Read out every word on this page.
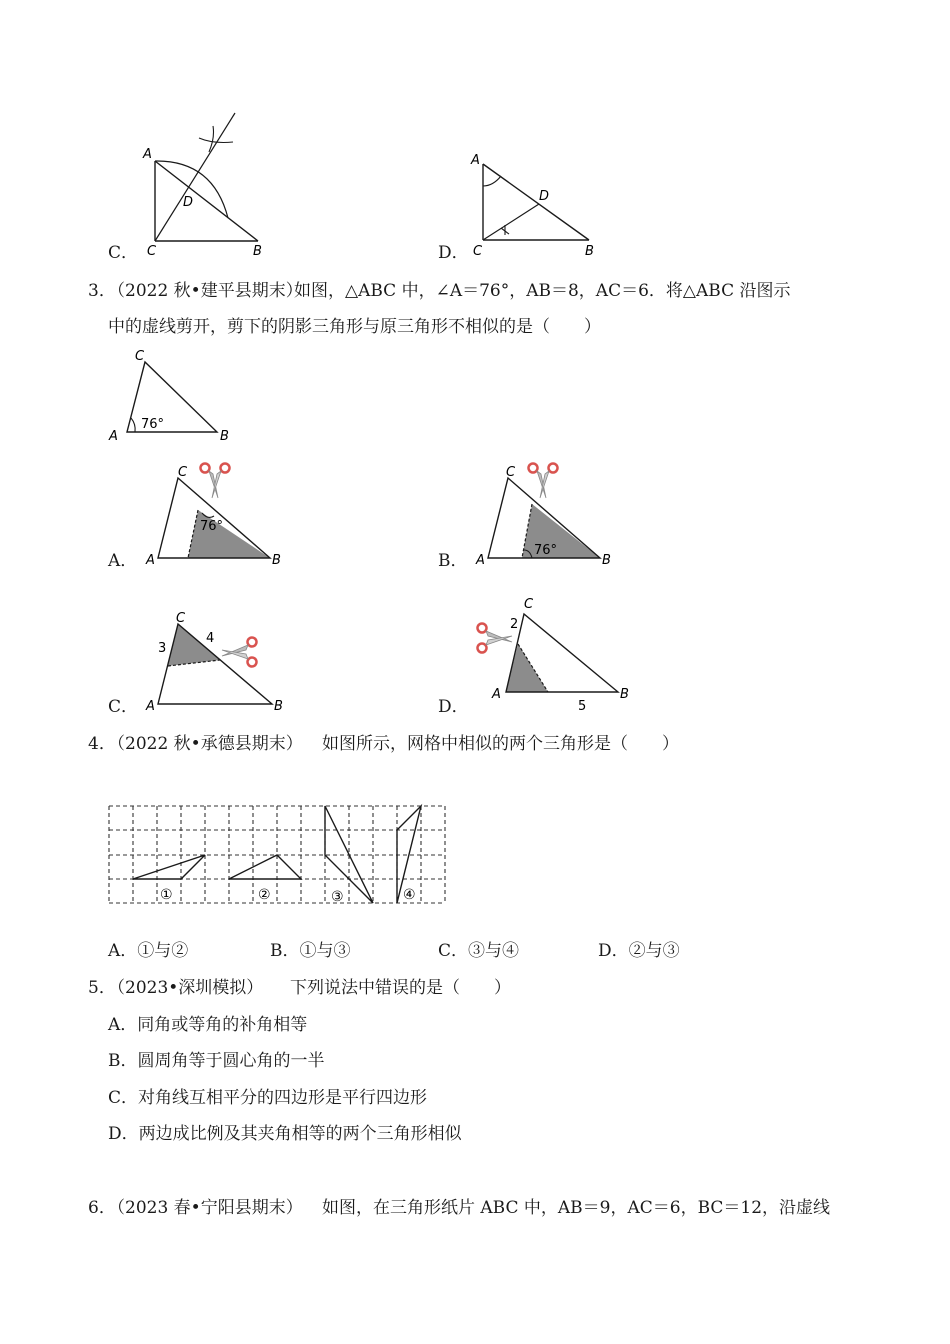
C．
A
D
C	B	D．
A
D
C	B
3．
（2022 秋•建平县期末）
如图，△ABC 中，∠A＝76°，AB＝8，AC＝6．将△ABC 沿图示
中的虚线剪开，剪下的阴影三角形与原三角形不相似的是（　　）
76°
C
A	B
A．
76°
C
A	B	B．
76°
C
A	B
C．
C
3
4
A	B	D．
C
2
A	B
5
4．
（2022 秋•承德县期末） 如图所示，网格中相似的两个三角形是（　　）
①	②	③	④
A．①与②	B．①与③	C．③与④	D．②与③
5．
（2023•深圳模拟） 下列说法中错误的是（　　）
A．同角或等角的补角相等
B．圆周角等于圆心角的一半
C．对角线互相平分的四边形是平行四边形
D．两边成比例及其夹角相等的两个三角形相似
6．
（2023 春•宁阳县期末） 如图，在三角形纸片 ABC 中，AB＝9，AC＝6，BC＝12，沿虚线
